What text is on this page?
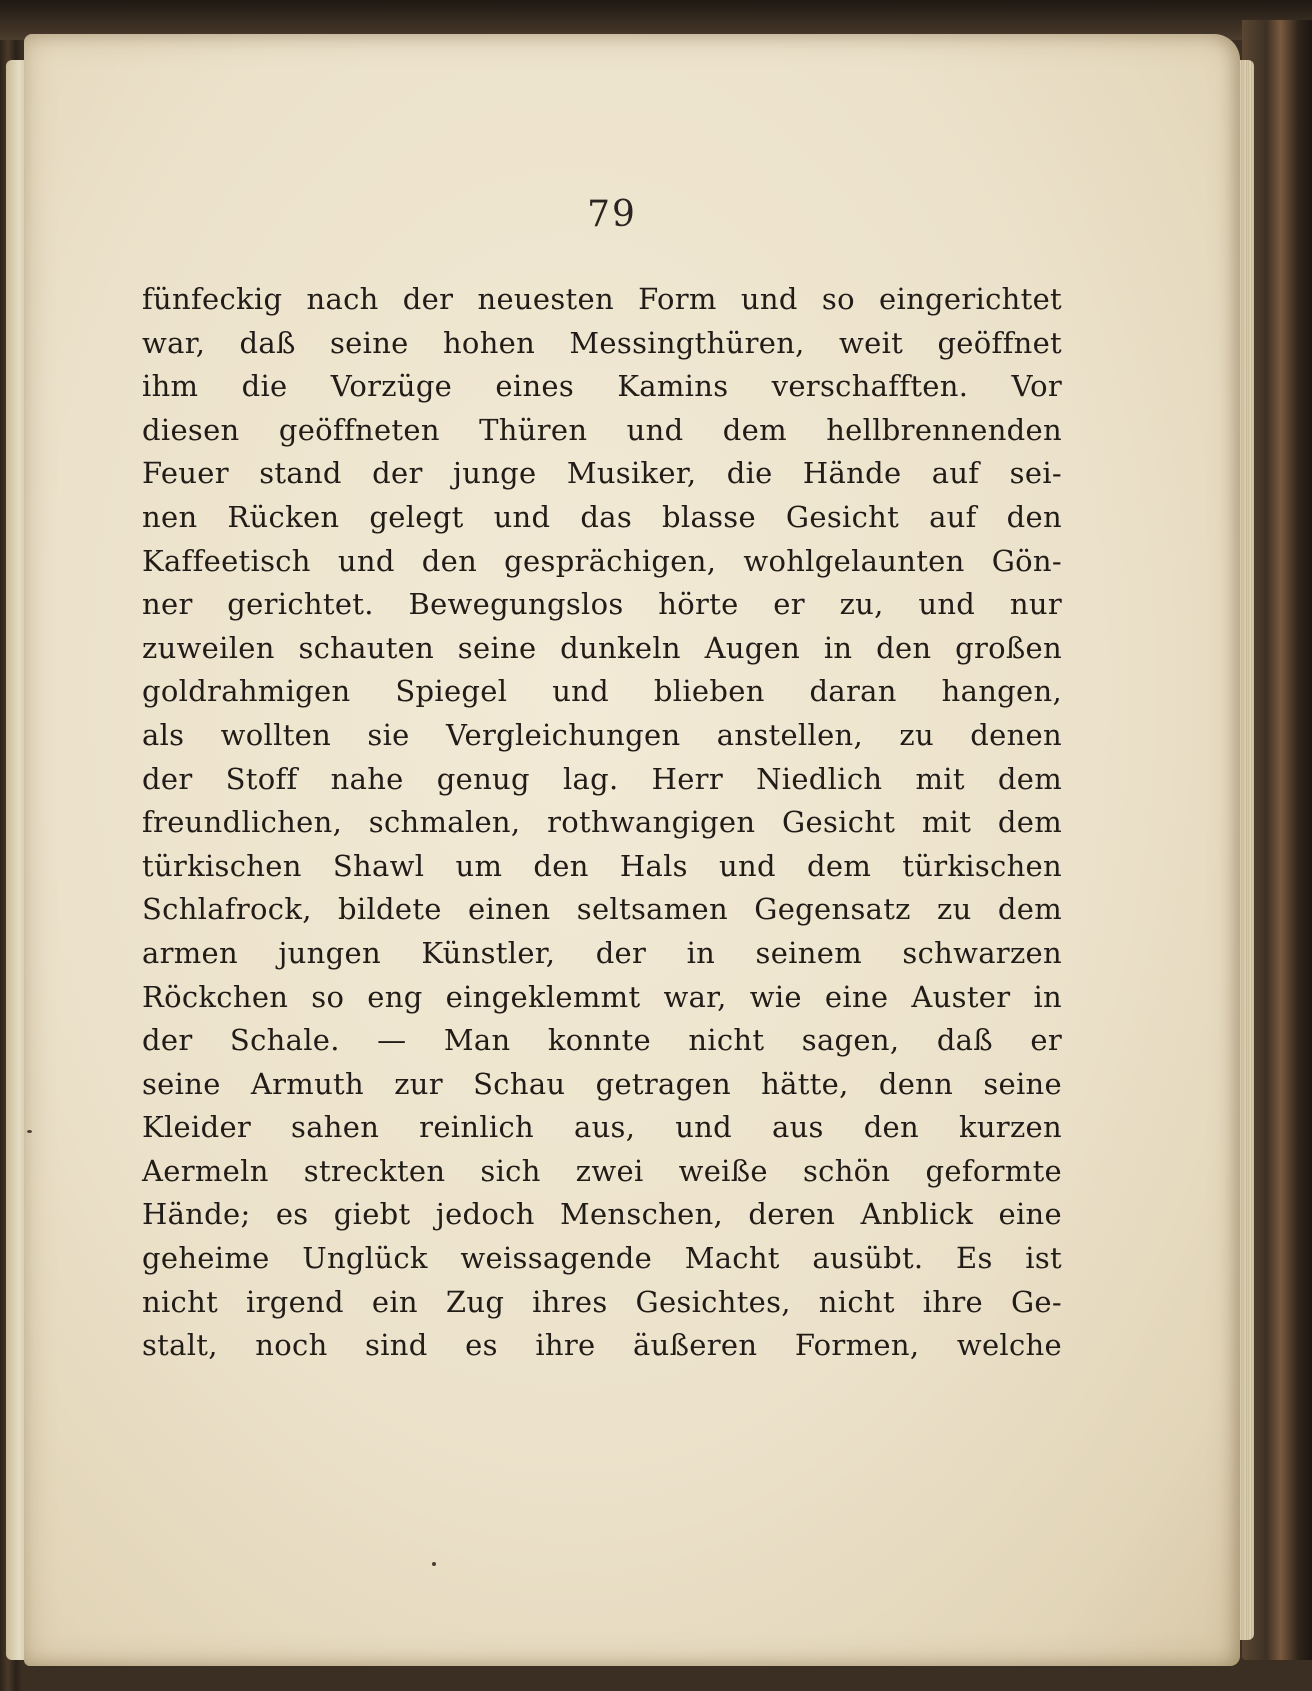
79
fünfeckig nach der neuesten Form und so eingerichtet
war, daß seine hohen Messingthüren, weit geöffnet
ihm die Vorzüge eines Kamins verschafften. Vor
diesen geöffneten Thüren und dem hellbrennenden
Feuer stand der junge Musiker, die Hände auf sei-
nen Rücken gelegt und das blasse Gesicht auf den
Kaffeetisch und den gesprächigen, wohlgelaunten Gön-
ner gerichtet. Bewegungslos hörte er zu, und nur
zuweilen schauten seine dunkeln Augen in den großen
goldrahmigen Spiegel und blieben daran hangen,
als wollten sie Vergleichungen anstellen, zu denen
der Stoff nahe genug lag. Herr Niedlich mit dem
freundlichen, schmalen, rothwangigen Gesicht mit dem
türkischen Shawl um den Hals und dem türkischen
Schlafrock, bildete einen seltsamen Gegensatz zu dem
armen jungen Künstler, der in seinem schwarzen
Röckchen so eng eingeklemmt war, wie eine Auster in
der Schale. — Man konnte nicht sagen, daß er
seine Armuth zur Schau getragen hätte, denn seine
Kleider sahen reinlich aus, und aus den kurzen
Aermeln streckten sich zwei weiße schön geformte
Hände; es giebt jedoch Menschen, deren Anblick eine
geheime Unglück weissagende Macht ausübt. Es ist
nicht irgend ein Zug ihres Gesichtes, nicht ihre Ge-
stalt, noch sind es ihre äußeren Formen, welche
